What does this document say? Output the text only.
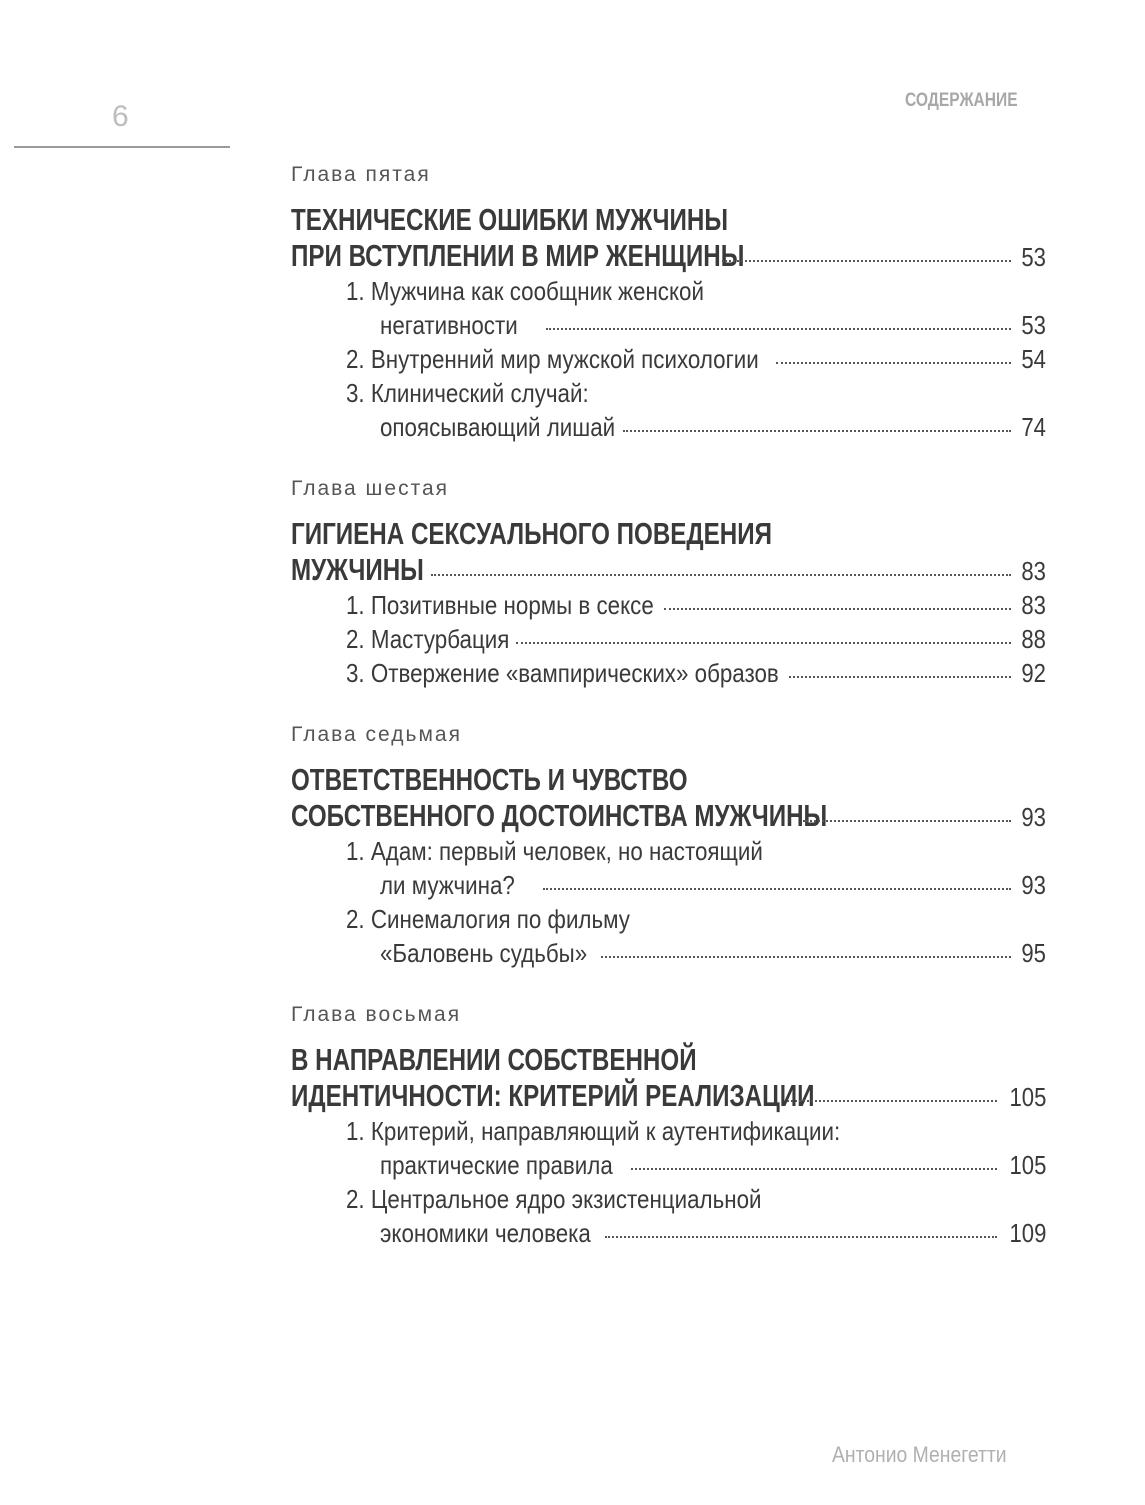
СОДЕРЖАНИЕ
6
Глава пятая
ТЕХНИЧЕСКИЕ ОШИБКИ МУЖЧИНЫ
ПРИ ВСТУПЛЕНИИ В МИР ЖЕНЩИНЫ	53
1. Мужчина как сообщник женской
негативности	53
2. Внутренний мир мужской психологии	54
3. Клинический случай:
опоясывающий лишай	74
Глава шестая
ГИГИЕНА СЕКСУАЛЬНОГО ПОВЕДЕНИЯ
МУЖЧИНЫ	83
1. Позитивные нормы в сексе	83
2. Мастурбация	88
3. Отвержение «вампирических» образов	92
Глава седьмая
ОТВЕТСТВЕННОСТЬ И ЧУВСТВО
СОБСТВЕННОГО ДОСТОИНСТВА МУЖЧИНЫ	93
1. Адам: первый человек, но настоящий
ли мужчина?	93
2. Синемалогия по фильму
«Баловень судьбы»	95
Глава восьмая
В НАПРАВЛЕНИИ СОБСТВЕННОЙ
ИДЕНТИЧНОСТИ: КРИТЕРИЙ РЕАЛИЗАЦИИ	105
1. Критерий, направляющий к аутентификации:
практические правила	105
2. Центральное ядро экзистенциальной
экономики человека	109
Антонио Менегетти
